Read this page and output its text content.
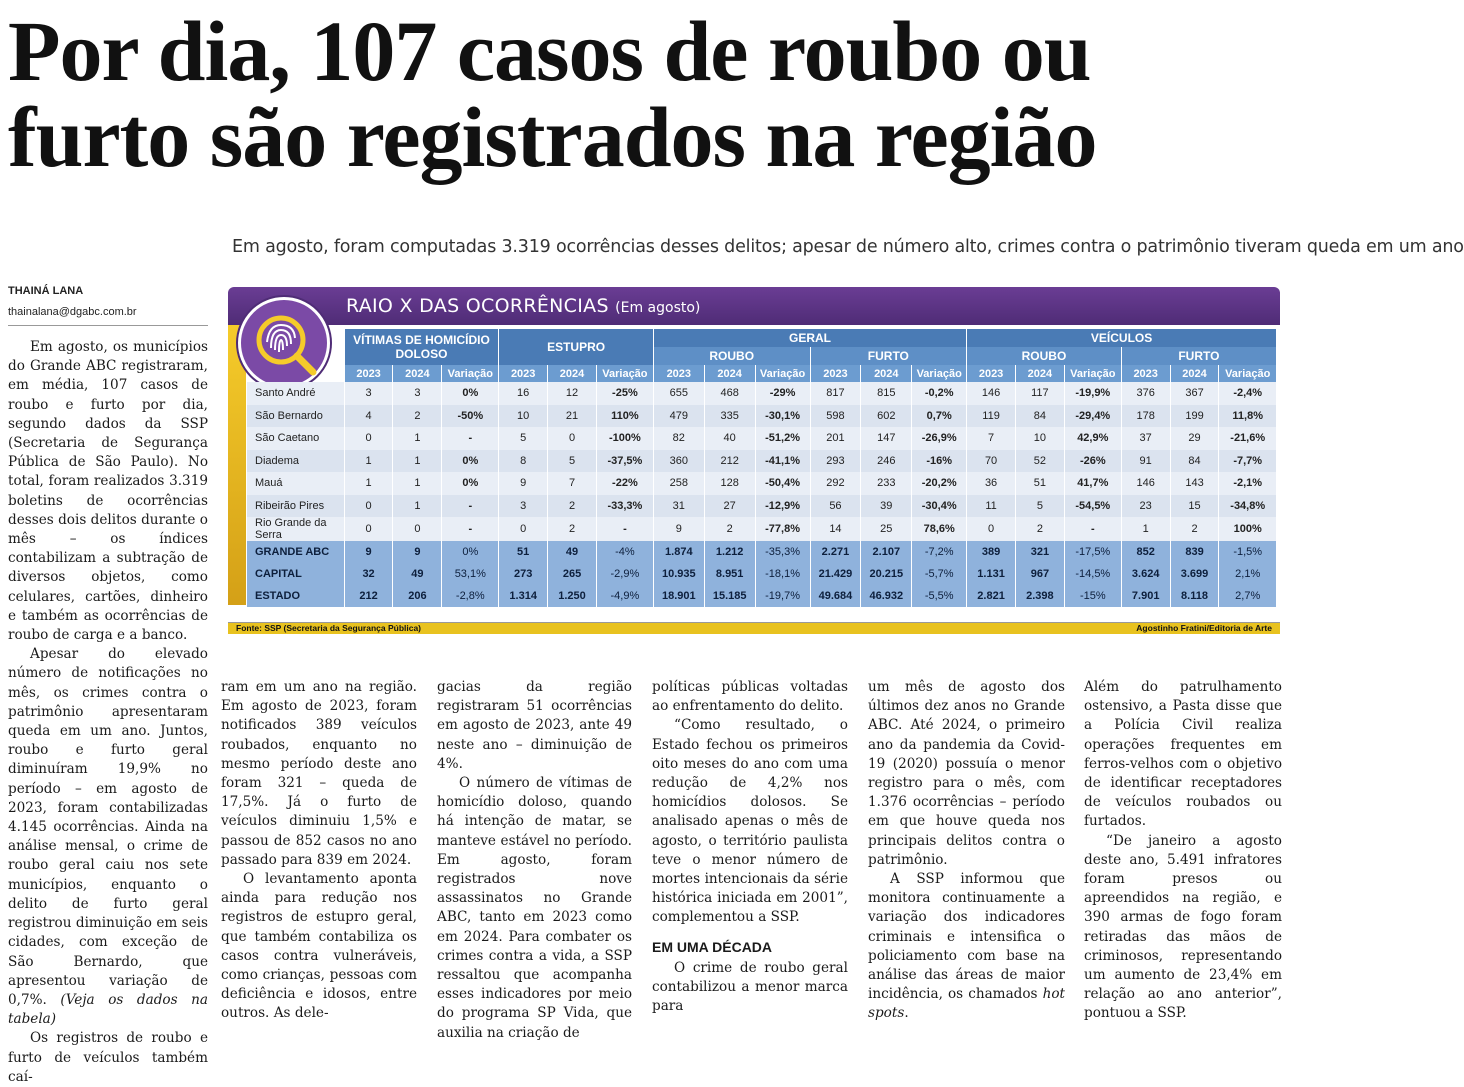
Por dia, 107 casos de roubo ou
furto são registrados na região
Em agosto, foram computadas 3.319 ocorrências desses delitos; apesar de número alto, crimes contra o patrimônio tiveram queda em um ano
THAINÁ LANA
thainalana@dgabc.com.br	RAIO X DAS OCORRÊNCIAS (Em agosto)
	VÍTIMAS DE HOMICÍDIO DOLOSO			ESTUPRO			GERAL						VEÍCULOS					
							ROUBO			FURTO			ROUBO			FURTO		
	2023	2024	Variação	2023	2024	Variação	2023	2024	Variação	2023	2024	Variação	2023	2024	Variação	2023	2024	Variação
Santo André	3	3	0%	16	12	-25%	655	468	-29%	817	815	-0,2%	146	117	-19,9%	376	367	-2,4%
São Bernardo	4	2	-50%	10	21	110%	479	335	-30,1%	598	602	0,7%	119	84	-29,4%	178	199	11,8%
São Caetano	0	1	-	5	0	-100%	82	40	-51,2%	201	147	-26,9%	7	10	42,9%	37	29	-21,6%
Diadema	1	1	0%	8	5	-37,5%	360	212	-41,1%	293	246	-16%	70	52	-26%	91	84	-7,7%
Mauá	1	1	0%	9	7	-22%	258	128	-50,4%	292	233	-20,2%	36	51	41,7%	146	143	-2,1%
Ribeirão Pires	0	1	-	3	2	-33,3%	31	27	-12,9%	56	39	-30,4%	11	5	-54,5%	23	15	-34,8%
Rio Grande da Serra	0	0	-	0	2	-	9	2	-77,8%	14	25	78,6%	0	2	-	1	2	100%
GRANDE ABC	9	9	0%	51	49	-4%	1.874	1.212	-35,3%	2.271	2.107	-7,2%	389	321	-17,5%	852	839	-1,5%
CAPITAL	32	49	53,1%	273	265	-2,9%	10.935	8.951	-18,1%	21.429	20.215	-5,7%	1.131	967	-14,5%	3.624	3.699	2,1%
ESTADO	212	206	-2,8%	1.314	1.250	-4,9%	18.901	15.185	-19,7%	49.684	46.932	-5,5%	2.821	2.398	-15%	7.901	8.118	2,7%
Fonte: SSP (Secretaria da Segurança Pública)	Agostinho Fratini/Editoria de Arte

Em agosto, os municípios do Grande ABC registraram, em média, 107 casos de roubo e furto por dia, segundo dados da SSP (Secretaria de Segurança Pública de São Paulo). No total, foram realizados 3.319 boletins de ocorrências desses dois delitos durante o mês – os índices contabilizam a subtração de diversos objetos, como celulares, cartões, dinheiro e também as ocorrências de roubo de carga e a banco.

Apesar do elevado número de notificações no mês, os crimes contra o patrimônio apresentaram queda em um ano. Juntos, roubo e furto geral diminuíram 19,9% no período – em agosto de 2023, foram contabilizadas 4.145 ocorrências. Ainda na análise mensal, o crime de roubo geral caiu nos sete municípios, enquanto o delito de furto geral registrou diminuição em seis cidades, com exceção de São Bernardo, que apresentou variação de 0,7%. (Veja os dados na tabela)

Os registros de roubo e furto de veículos também caí-

ram em um ano na região. Em agosto de 2023, foram notificados 389 veículos roubados, enquanto no mesmo período deste ano foram 321 – queda de 17,5%. Já o furto de veículos diminuiu 1,5% e passou de 852 casos no ano passado para 839 em 2024.

O levantamento aponta ainda para redução nos registros de estupro geral, que também contabiliza os casos contra vulneráveis, como crianças, pessoas com deficiência e idosos, entre outros. As dele-

gacias da região registraram 51 ocorrências em agosto de 2023, ante 49 neste ano – diminuição de 4%.

O número de vítimas de homicídio doloso, quando há intenção de matar, se manteve estável no período. Em agosto, foram registrados nove assassinatos no Grande ABC, tanto em 2023 como em 2024. Para combater os crimes contra a vida, a SSP ressaltou que acompanha esses indicadores por meio do programa SP Vida, que auxilia na criação de

políticas públicas voltadas ao enfrentamento do delito.

“Como resultado, o Estado fechou os primeiros oito meses do ano com uma redução de 4,2% nos homicídios dolosos. Se analisado apenas o mês de agosto, o território paulista teve o menor número de mortes intencionais da série histórica iniciada em 2001”, complementou a SSP.

EM UMA DÉCADA

O crime de roubo geral contabilizou a menor marca para

um mês de agosto dos últimos dez anos no Grande ABC. Até 2024, o primeiro ano da pandemia da Covid-19 (2020) possuía o menor registro para o mês, com 1.376 ocorrências – período em que houve queda nos principais delitos contra o patrimônio.

A SSP informou que monitora continuamente a variação dos indicadores criminais e intensifica o policiamento com base na análise das áreas de maior incidência, os chamados hot spots.

Além do patrulhamento ostensivo, a Pasta disse que a Polícia Civil realiza operações frequentes em ferros-velhos com o objetivo de identificar receptadores de veículos roubados ou furtados.

“De janeiro a agosto deste ano, 5.491 infratores foram presos ou apreendidos na região, e 390 armas de fogo foram retiradas das mãos de criminosos, representando um aumento de 23,4% em relação ao ano anterior”, pontuou a SSP.
